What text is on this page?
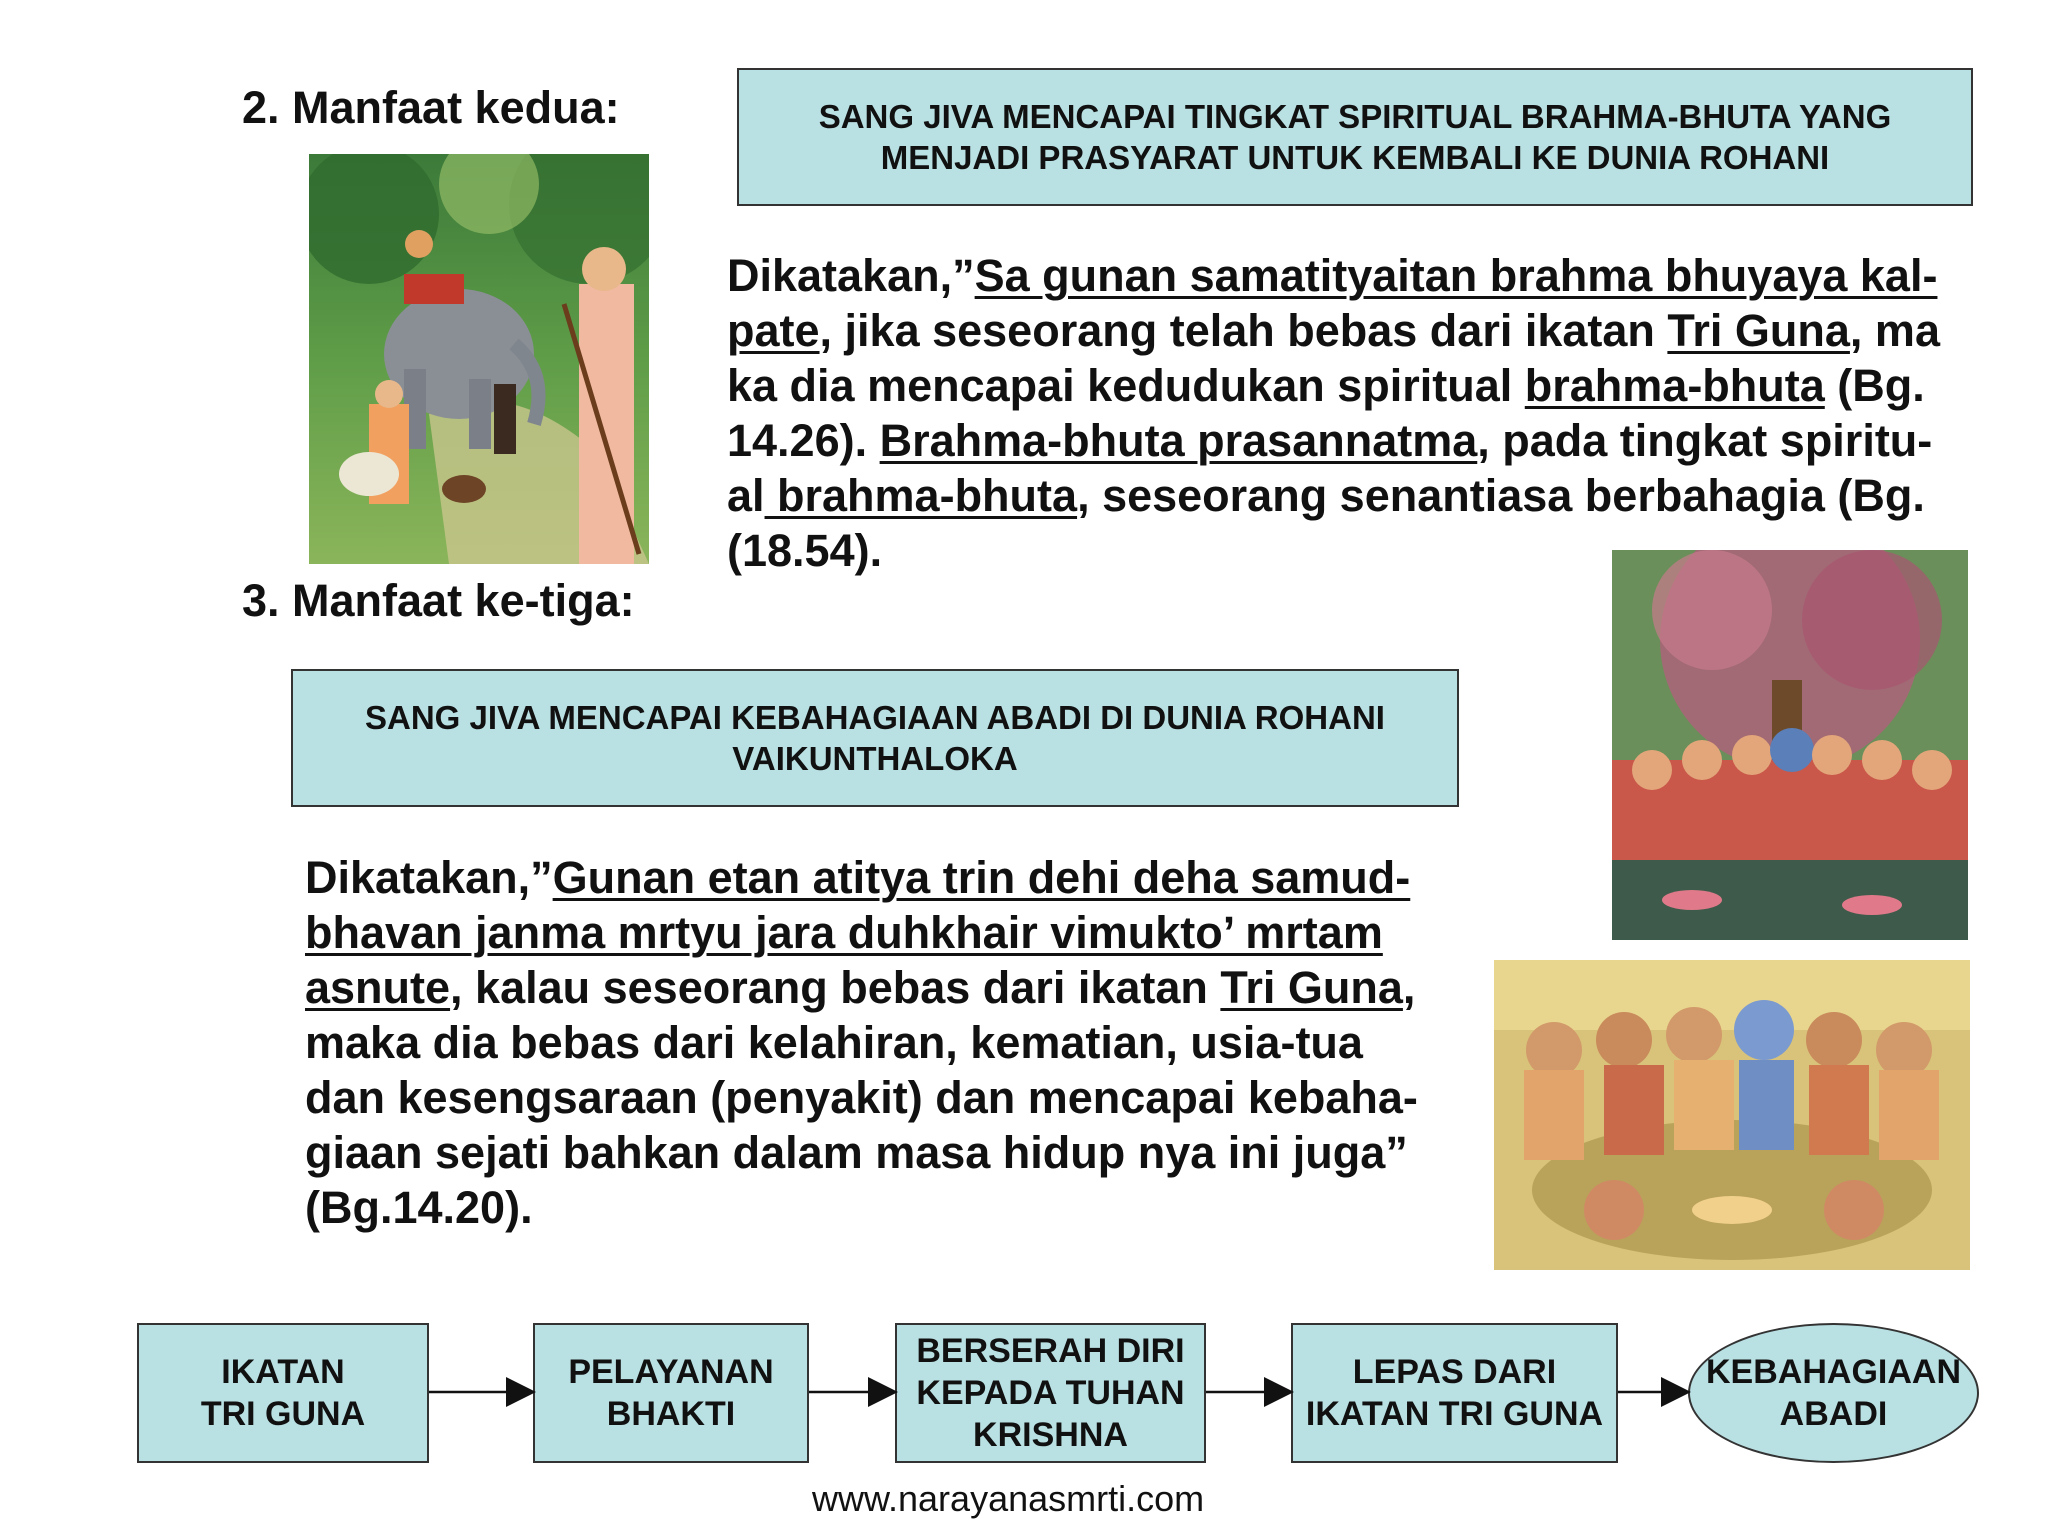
2. Manfaat kedua:	SANG JIVA MENCAPAI TINGKAT SPIRITUAL BRAHMA-BHUTA YANG
MENJADI PRASYARAT UNTUK KEMBALI KE DUNIA ROHANI
Dikatakan,”Sa gunan samatityaitan brahma bhuyaya kal-
pate, jika seseorang telah bebas dari ikatan Tri Guna, ma
ka dia mencapai kedudukan spiritual brahma-bhuta (Bg.
14.26). Brahma-bhuta prasannatma, pada tingkat spiritu-
al brahma-bhuta, seseorang senantiasa berbahagia (Bg.
(18.54).
3. Manfaat ke-tiga:
SANG JIVA MENCAPAI KEBAHAGIAAN ABADI DI DUNIA ROHANI
VAIKUNTHALOKA
Dikatakan,”Gunan etan atitya trin dehi deha samud-
bhavan janma mrtyu jara duhkhair vimukto’ mrtam
asnute, kalau seseorang bebas dari ikatan Tri Guna,
maka dia bebas dari kelahiran, kematian, usia-tua
dan kesengsaraan (penyakit) dan mencapai kebaha-
giaan sejati bahkan dalam masa hidup nya ini juga”
(Bg.14.20).
IKATAN
TRI GUNA
PELAYANAN
BHAKTI
BERSERAH DIRI
KEPADA TUHAN
KRISHNA
LEPAS DARI
IKATAN TRI GUNA
KEBAHAGIAAN
ABADI
www.narayanasmrti.com
